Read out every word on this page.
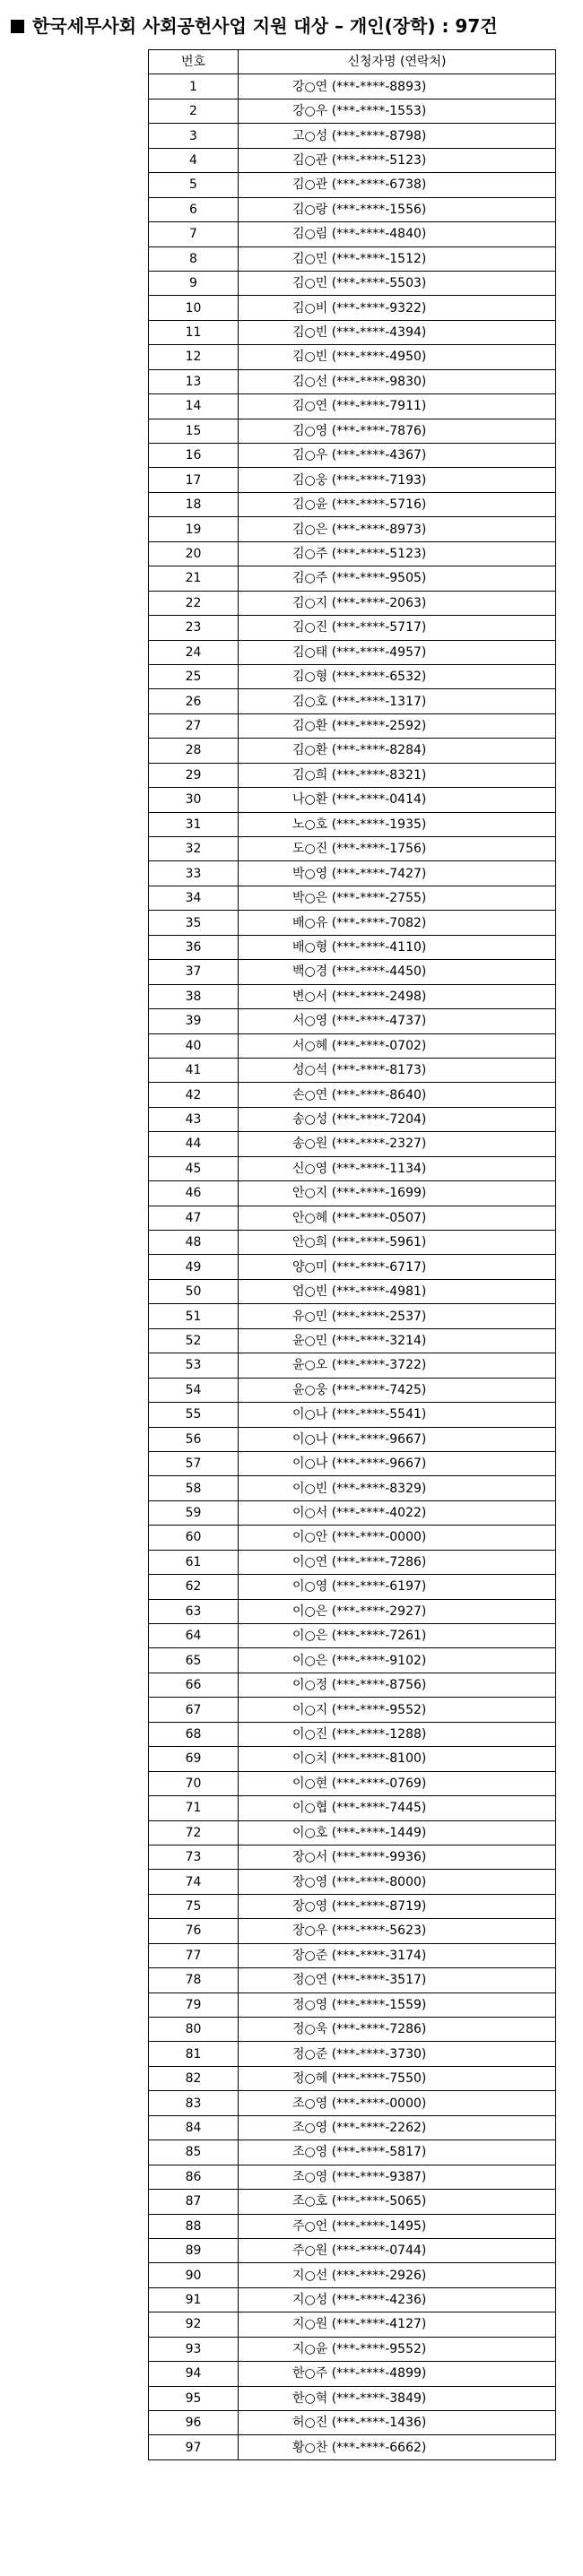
한국세무사회 사회공헌사업 지원 대상 – 개인(장학) : 97건
번호	신청자명 (연락처)
1	강○연 (***-****-8893)
2	강○우 (***-****-1553)
3	고○성 (***-****-8798)
4	김○관 (***-****-5123)
5	김○관 (***-****-6738)
6	김○랑 (***-****-1556)
7	김○림 (***-****-4840)
8	김○민 (***-****-1512)
9	김○민 (***-****-5503)
10	김○비 (***-****-9322)
11	김○빈 (***-****-4394)
12	김○빈 (***-****-4950)
13	김○선 (***-****-9830)
14	김○연 (***-****-7911)
15	김○영 (***-****-7876)
16	김○우 (***-****-4367)
17	김○웅 (***-****-7193)
18	김○윤 (***-****-5716)
19	김○은 (***-****-8973)
20	김○주 (***-****-5123)
21	김○주 (***-****-9505)
22	김○지 (***-****-2063)
23	김○진 (***-****-5717)
24	김○태 (***-****-4957)
25	김○형 (***-****-6532)
26	김○호 (***-****-1317)
27	김○환 (***-****-2592)
28	김○환 (***-****-8284)
29	김○희 (***-****-8321)
30	나○환 (***-****-0414)
31	노○호 (***-****-1935)
32	도○진 (***-****-1756)
33	박○영 (***-****-7427)
34	박○은 (***-****-2755)
35	배○유 (***-****-7082)
36	배○형 (***-****-4110)
37	백○경 (***-****-4450)
38	변○서 (***-****-2498)
39	서○영 (***-****-4737)
40	서○혜 (***-****-0702)
41	성○석 (***-****-8173)
42	손○연 (***-****-8640)
43	송○성 (***-****-7204)
44	송○원 (***-****-2327)
45	신○영 (***-****-1134)
46	안○지 (***-****-1699)
47	안○혜 (***-****-0507)
48	안○희 (***-****-5961)
49	양○미 (***-****-6717)
50	엄○빈 (***-****-4981)
51	유○민 (***-****-2537)
52	윤○민 (***-****-3214)
53	윤○오 (***-****-3722)
54	윤○웅 (***-****-7425)
55	이○나 (***-****-5541)
56	이○나 (***-****-9667)
57	이○나 (***-****-9667)
58	이○빈 (***-****-8329)
59	이○서 (***-****-4022)
60	이○안 (***-****-0000)
61	이○연 (***-****-7286)
62	이○영 (***-****-6197)
63	이○은 (***-****-2927)
64	이○은 (***-****-7261)
65	이○은 (***-****-9102)
66	이○정 (***-****-8756)
67	이○지 (***-****-9552)
68	이○진 (***-****-1288)
69	이○치 (***-****-8100)
70	이○현 (***-****-0769)
71	이○협 (***-****-7445)
72	이○호 (***-****-1449)
73	장○서 (***-****-9936)
74	장○영 (***-****-8000)
75	장○영 (***-****-8719)
76	장○우 (***-****-5623)
77	장○준 (***-****-3174)
78	정○연 (***-****-3517)
79	정○영 (***-****-1559)
80	정○욱 (***-****-7286)
81	정○준 (***-****-3730)
82	정○혜 (***-****-7550)
83	조○영 (***-****-0000)
84	조○영 (***-****-2262)
85	조○영 (***-****-5817)
86	조○영 (***-****-9387)
87	조○호 (***-****-5065)
88	주○언 (***-****-1495)
89	주○원 (***-****-0744)
90	지○선 (***-****-2926)
91	지○성 (***-****-4236)
92	지○원 (***-****-4127)
93	지○윤 (***-****-9552)
94	한○주 (***-****-4899)
95	한○혁 (***-****-3849)
96	허○진 (***-****-1436)
97	황○찬 (***-****-6662)
